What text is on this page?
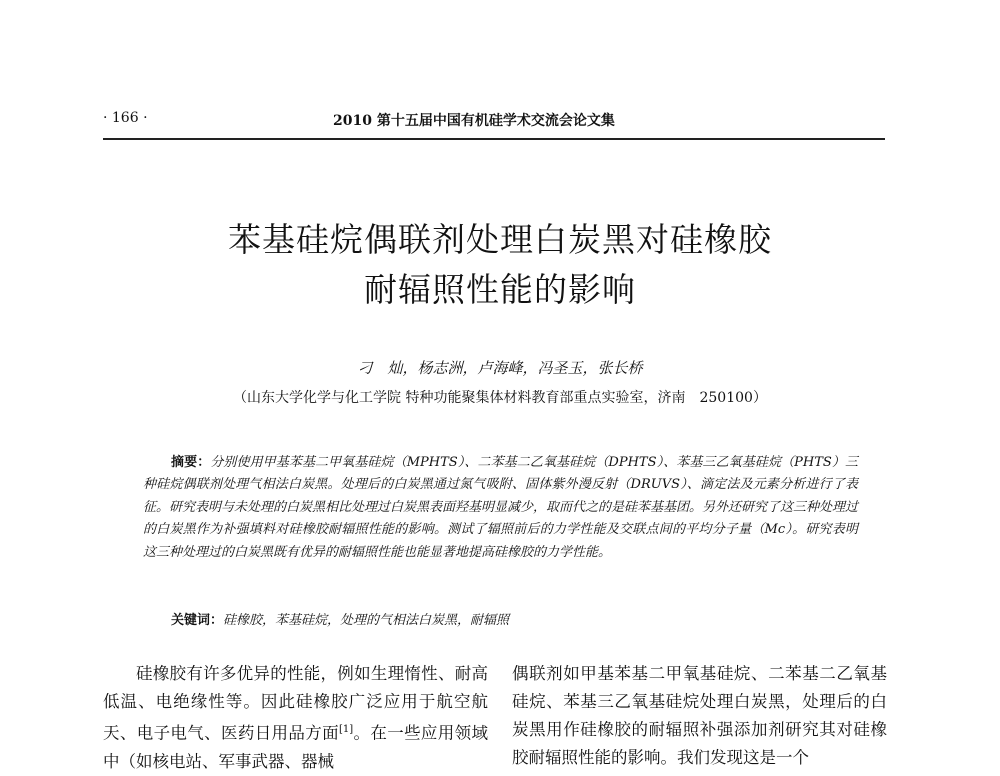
· 166 ·	2010 第十五届中国有机硅学术交流会论文集
苯基硅烷偶联剂处理白炭黑对硅橡胶
耐辐照性能的影响
刁　灿，杨志洲，卢海峰，冯圣玉，张长桥
（山东大学化学与化工学院 特种功能聚集体材料教育部重点实验室，济南　250100）
摘要：分别使用甲基苯基二甲氧基硅烷（MPHTS）、二苯基二乙氧基硅烷（DPHTS）、苯基三乙氧基硅烷（PHTS）三种硅烷偶联剂处理气相法白炭黑。处理后的白炭黑通过氮气吸附、固体紫外漫反射（DRUVS）、滴定法及元素分析进行了表征。研究表明与未处理的白炭黑相比处理过白炭黑表面羟基明显减少，取而代之的是硅苯基基团。另外还研究了这三种处理过的白炭黑作为补强填料对硅橡胶耐辐照性能的影响。测试了辐照前后的力学性能及交联点间的平均分子量（Mc）。研究表明这三种处理过的白炭黑既有优异的耐辐照性能也能显著地提高硅橡胶的力学性能。
关键词：硅橡胶，苯基硅烷，处理的气相法白炭黑，耐辐照
硅橡胶有许多优异的性能，例如生理惰性、耐高低温、电绝缘性等。因此硅橡胶广泛应用于航空航天、电子电气、医药日用品方面[1]。在一些应用领域中（如核电站、军事武器、器械
偶联剂如甲基苯基二甲氧基硅烷、二苯基二乙氧基硅烷、苯基三乙氧基硅烷处理白炭黑，处理后的白炭黑用作硅橡胶的耐辐照补强添加剂研究其对硅橡胶耐辐照性能的影响。我们发现这是一个
